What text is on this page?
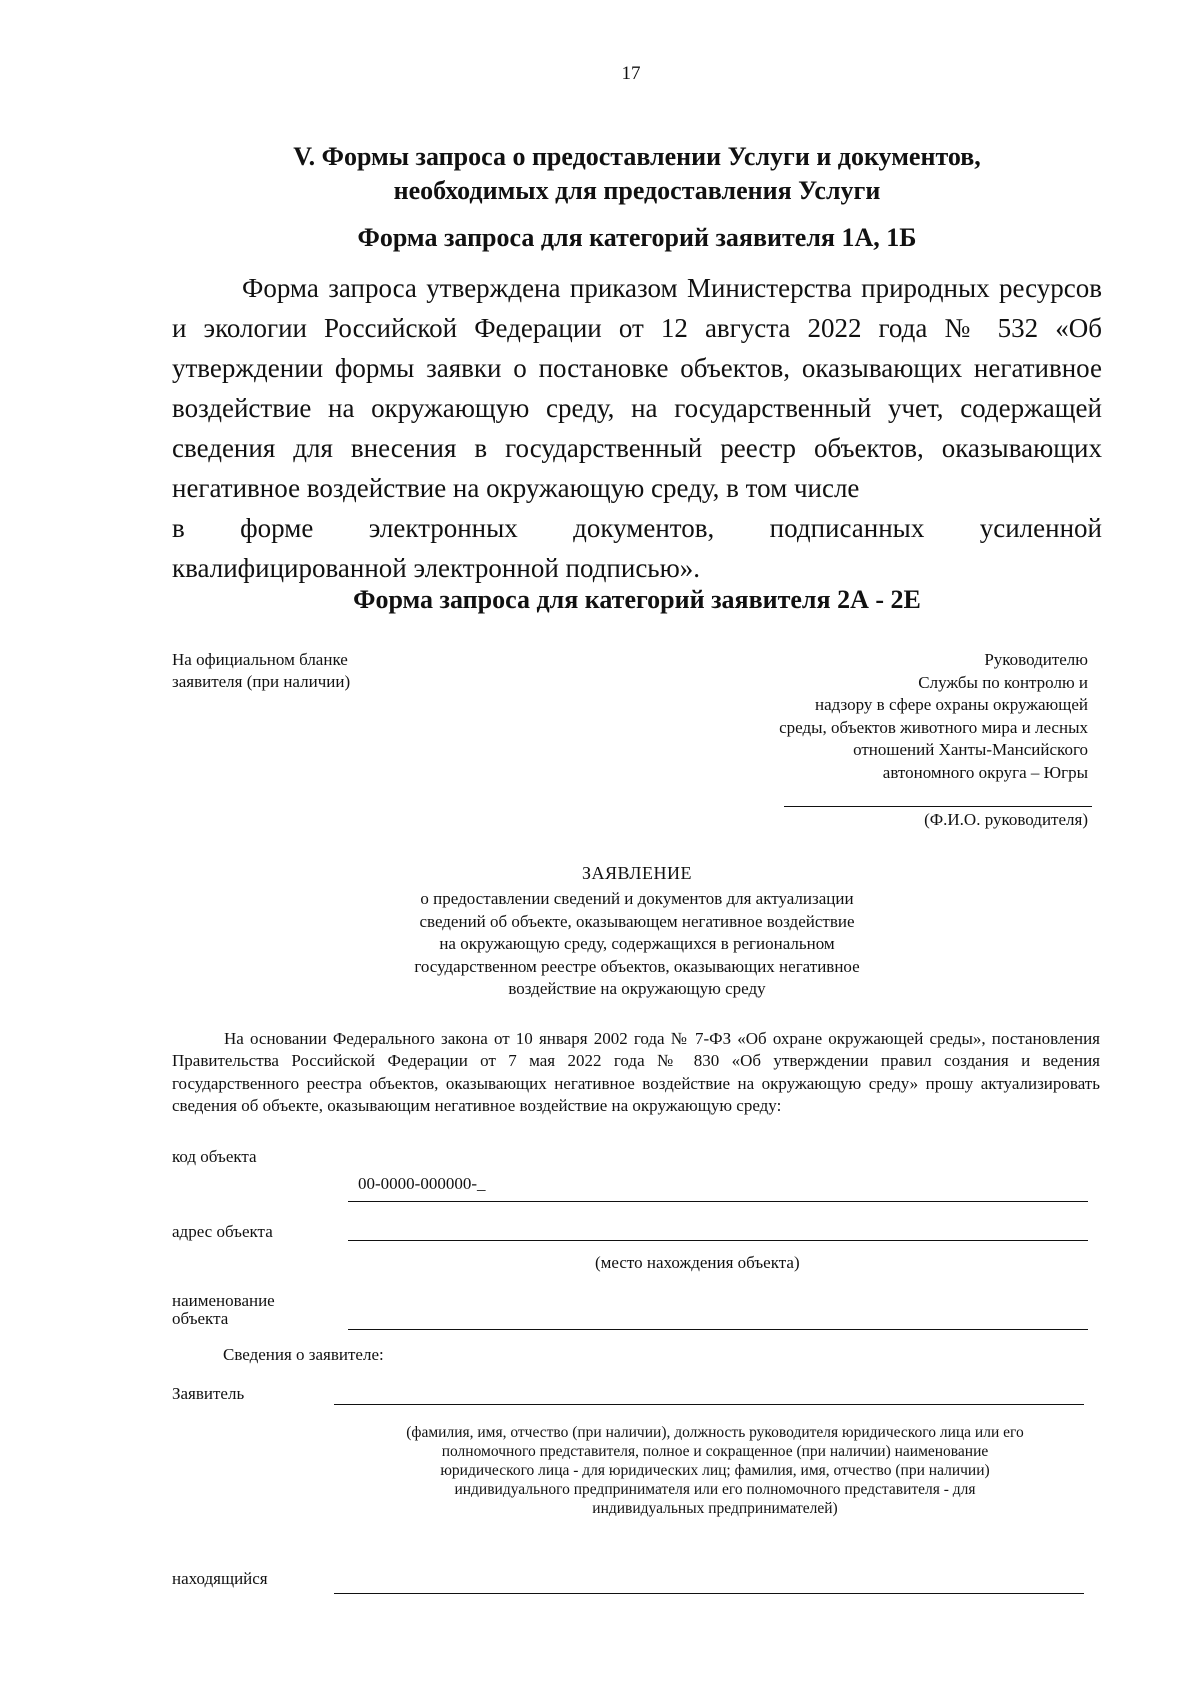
17
V. Формы запроса о предоставлении Услуги и документов,
необходимых для предоставления Услуги
Форма запроса для категорий заявителя 1А, 1Б
Форма запроса утверждена приказом Министерства природных ресурсов и экологии Российской Федерации от 12 августа 2022 года № 532 «Об утверждении формы заявки о постановке объектов, оказывающих негативное воздействие на окружающую среду, на государственный учет, содержащей сведения для внесения в государственный реестр объектов, оказывающих негативное воздействие на окружающую среду, в том числе
в форме электронных документов, подписанных усиленной
квалифицированной электронной подписью».
Форма запроса для категорий заявителя 2А - 2Е
На официальном бланке
заявителя (при наличии)
Руководителю
Службы по контролю и
надзору в сфере охраны окружающей
среды, объектов животного мира и лесных
отношений Ханты-Мансийского
автономного округа – Югры
(Ф.И.О. руководителя)
ЗАЯВЛЕНИЕ
о предоставлении сведений и документов для актуализации
сведений об объекте, оказывающем негативное воздействие
на окружающую среду, содержащихся в региональном
государственном реестре объектов, оказывающих негативное
воздействие на окружающую среду
На основании Федерального закона от 10 января 2002 года № 7-ФЗ «Об охране окружающей среды», постановления Правительства Российской Федерации от 7 мая 2022 года № 830 «Об утверждении правил создания и ведения государственного реестра объектов, оказывающих негативное воздействие на окружающую среду» прошу актуализировать сведения об объекте, оказывающим негативное воздействие на окружающую среду:
код объекта
00-0000-000000-_
адрес объекта
(место нахождения объекта)
наименование
объекта
Сведения о заявителе:
Заявитель
(фамилия, имя, отчество (при наличии), должность руководителя юридического лица или его
полномочного представителя, полное и сокращенное (при наличии) наименование
юридического лица - для юридических лиц; фамилия, имя, отчество (при наличии)
индивидуального предпринимателя или его полномочного представителя - для
индивидуальных предпринимателей)
находящийся
